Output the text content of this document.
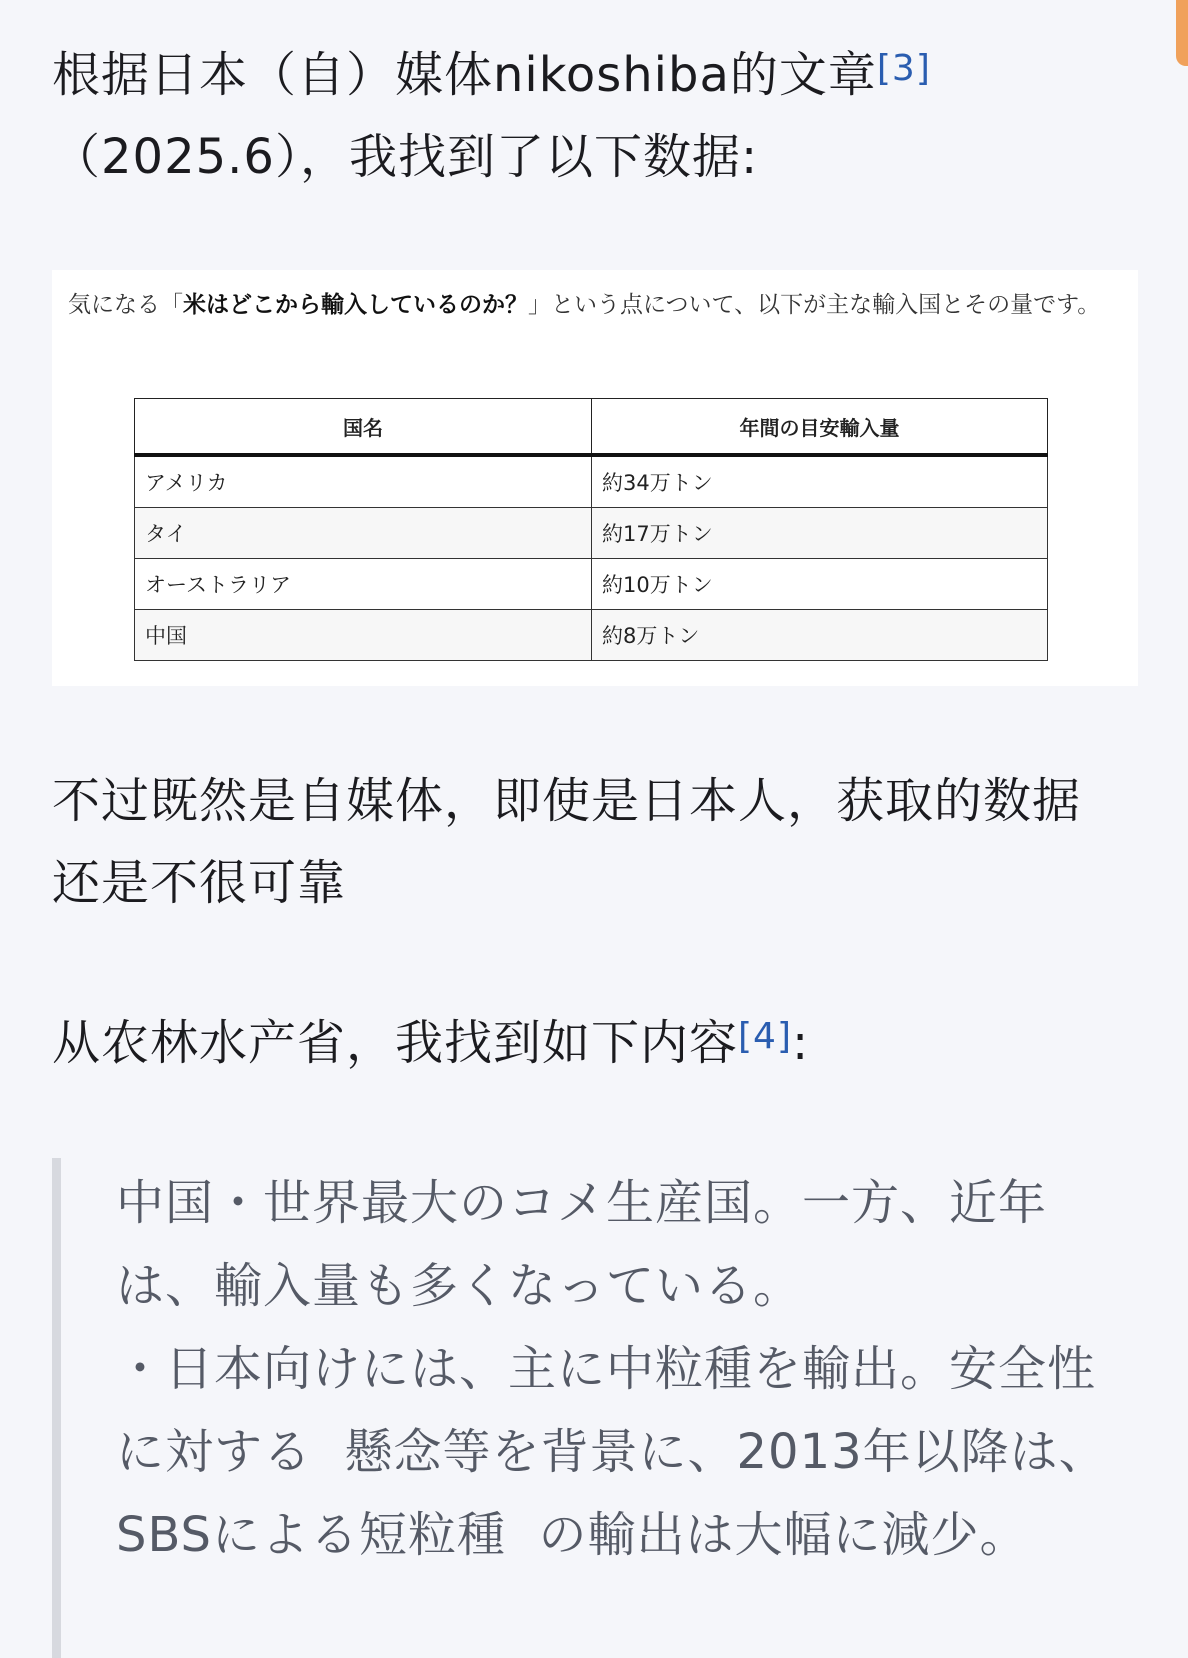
根据日本（自）媒体nikoshiba的文章[3]
（2025.6），我找到了以下数据:

気になる「米はどこから輸入しているのか？」という点について、以下が主な輸入国とその量です。
国名	年間の目安輸入量
アメリカ	約34万トン
タイ	約17万トン
オーストラリア	約10万トン
中国	約8万トン

不过既然是自媒体，即使是日本人，获取的数据还是不很可靠

从农林水产省，我找到如下内容[4]:

中国・世界最大のコメ生産国。一方、近年は、輸入量も多くなっている。
・日本向けには、主に中粒種を輸出。安全性に対する  懸念等を背景に、2013年以降は、SBSによる短粒種  の輸出は大幅に減少。
